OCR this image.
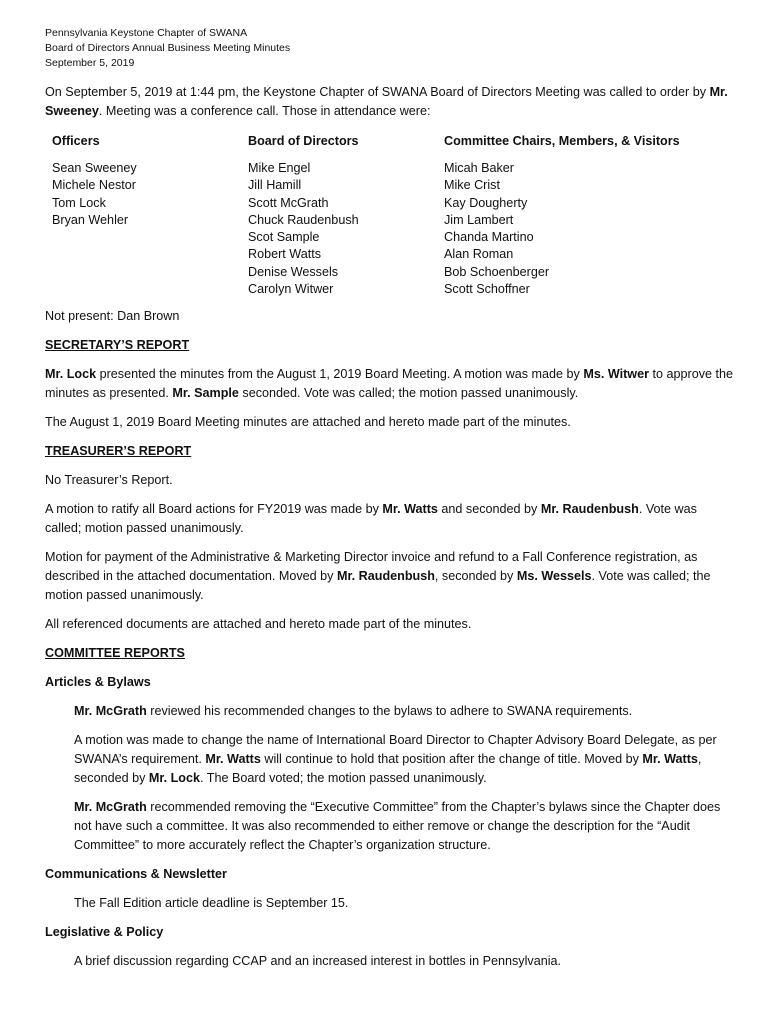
Pennsylvania Keystone Chapter of SWANA
Board of Directors Annual Business Meeting Minutes
September 5, 2019

On September 5, 2019 at 1:44 pm, the Keystone Chapter of SWANA Board of Directors Meeting was called to order by Mr. Sweeney. Meeting was a conference call. Those in attendance were:

Officers
Sean Sweeney
Michele Nestor
Tom Lock
Bryan Wehler
Board of Directors
Mike Engel
Jill Hamill
Scott McGrath
Chuck Raudenbush
Scot Sample
Robert Watts
Denise Wessels
Carolyn Witwer
Committee Chairs, Members, & Visitors
Micah Baker
Mike Crist
Kay Dougherty
Jim Lambert
Chanda Martino
Alan Roman
Bob Schoenberger
Scott Schoffner

Not present: Dan Brown

SECRETARY’S REPORT

Mr. Lock presented the minutes from the August 1, 2019 Board Meeting. A motion was made by Ms. Witwer to approve the minutes as presented. Mr. Sample seconded. Vote was called; the motion passed unanimously.

The August 1, 2019 Board Meeting minutes are attached and hereto made part of the minutes.

TREASURER’S REPORT

No Treasurer’s Report.

A motion to ratify all Board actions for FY2019 was made by Mr. Watts and seconded by Mr. Raudenbush. Vote was called; motion passed unanimously.

Motion for payment of the Administrative & Marketing Director invoice and refund to a Fall Conference registration, as described in the attached documentation. Moved by Mr. Raudenbush, seconded by Ms. Wessels. Vote was called; the motion passed unanimously.

All referenced documents are attached and hereto made part of the minutes.

COMMITTEE REPORTS

Articles & Bylaws

Mr. McGrath reviewed his recommended changes to the bylaws to adhere to SWANA requirements.

A motion was made to change the name of International Board Director to Chapter Advisory Board Delegate, as per SWANA’s requirement. Mr. Watts will continue to hold that position after the change of title. Moved by Mr. Watts, seconded by Mr. Lock. The Board voted; the motion passed unanimously.

Mr. McGrath recommended removing the “Executive Committee” from the Chapter’s bylaws since the Chapter does not have such a committee. It was also recommended to either remove or change the description for the “Audit Committee” to more accurately reflect the Chapter’s organization structure.

Communications & Newsletter

The Fall Edition article deadline is September 15.

Legislative & Policy

A brief discussion regarding CCAP and an increased interest in bottles in Pennsylvania.
